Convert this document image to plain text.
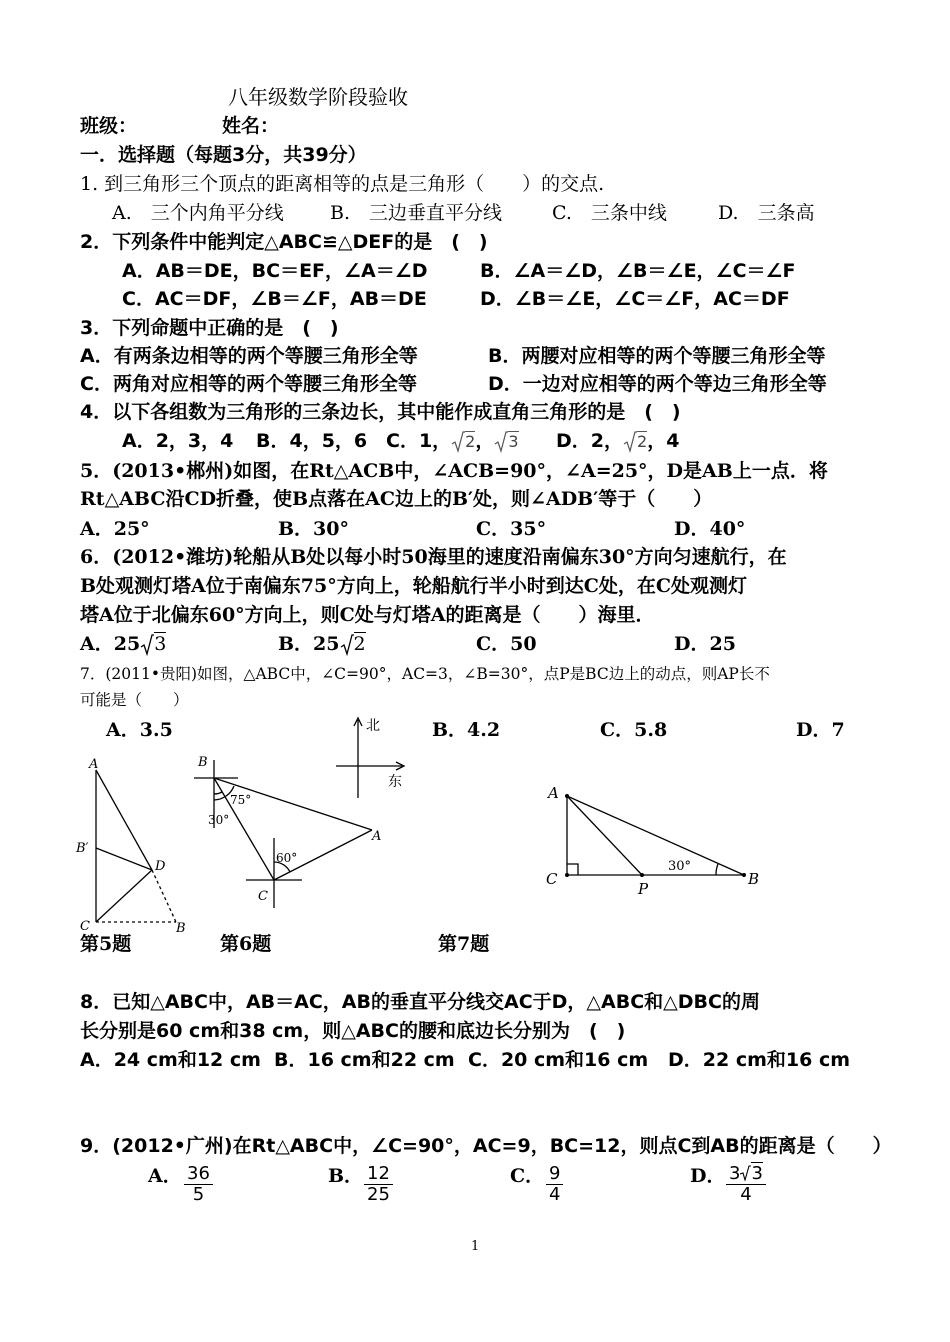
八年级数学阶段验收
班级：	姓名：
一．选择题（每题3分，共39分）
1. 到三角形三个顶点的距离相等的点是三角形（　　）的交点.
A.　三个内角平分线 B.　三边垂直平分线	C.　三条中线	D.　三条高
2．下列条件中能判定△ABC≌△DEF的是　(　)
A．AB＝DE，BC＝EF，∠A＝∠D	B．∠A＝∠D，∠B＝∠E，∠C＝∠F
C．AC＝DF，∠B＝∠F，AB＝DE	D．∠B＝∠E，∠C＝∠F，AC＝DF
3．下列命题中正确的是　(　)
A．有两条边相等的两个等腰三角形全等	B．两腰对应相等的两个等腰三角形全等
C．两角对应相等的两个等腰三角形全等	D．一边对应相等的两个等边三角形全等
4．以下各组数为三角形的三条边长，其中能作成直角三角形的是　(　)
A．2，3，4 B．4，5，6 C．1， 2， 3 D．2， 2，4
5．(2013•郴州)如图，在Rt△ACB中，∠ACB=90°，∠A=25°，D是AB上一点．将
Rt△ABC沿CD折叠，使B点落在AC边上的B′处，则∠ADB′等于（　　）
A．25°	B．30°	C．35°	D．40°
6．(2012•潍坊)轮船从B处以每小时50海里的速度沿南偏东30°方向匀速航行，在
B处观测灯塔A位于南偏东75°方向上，轮船航行半小时到达C处，在C处观测灯
塔A位于北偏东60°方向上，则C处与灯塔A的距离是（　　）海里．
A．25 3	B．25 2	C．50	D．25
7．(2011•贵阳)如图，△ABC中，∠C=90°，AC=3，∠B=30°，点P是BC边上的动点，则AP长不
可能是（　　）
A．3.5	B．4.2	C．5.8	D．7
A
B′
D
C	B
第5题
北
东
B
A
C
75°
30°
60°
第6题
A
C
P
B
30°
第7题
8．已知△ABC中，AB＝AC，AB的垂直平分线交AC于D，△ABC和△DBC的周
长分别是60 cm和38 cm，则△ABC的腰和底边长分别为　(　)
A．24 cm和12 cm B．16 cm和22 cm C．20 cm和16 cm D．22 cm和16 cm
9．(2012•广州)在Rt△ABC中，∠C=90°，AC=9，BC=12，则点C到AB的距离是（　　）
A． $\frac{36}{5}$	B． $\frac{12}{25}$	C． $\frac{9}{4}$	D． $\frac{3 3}{4}$
1
